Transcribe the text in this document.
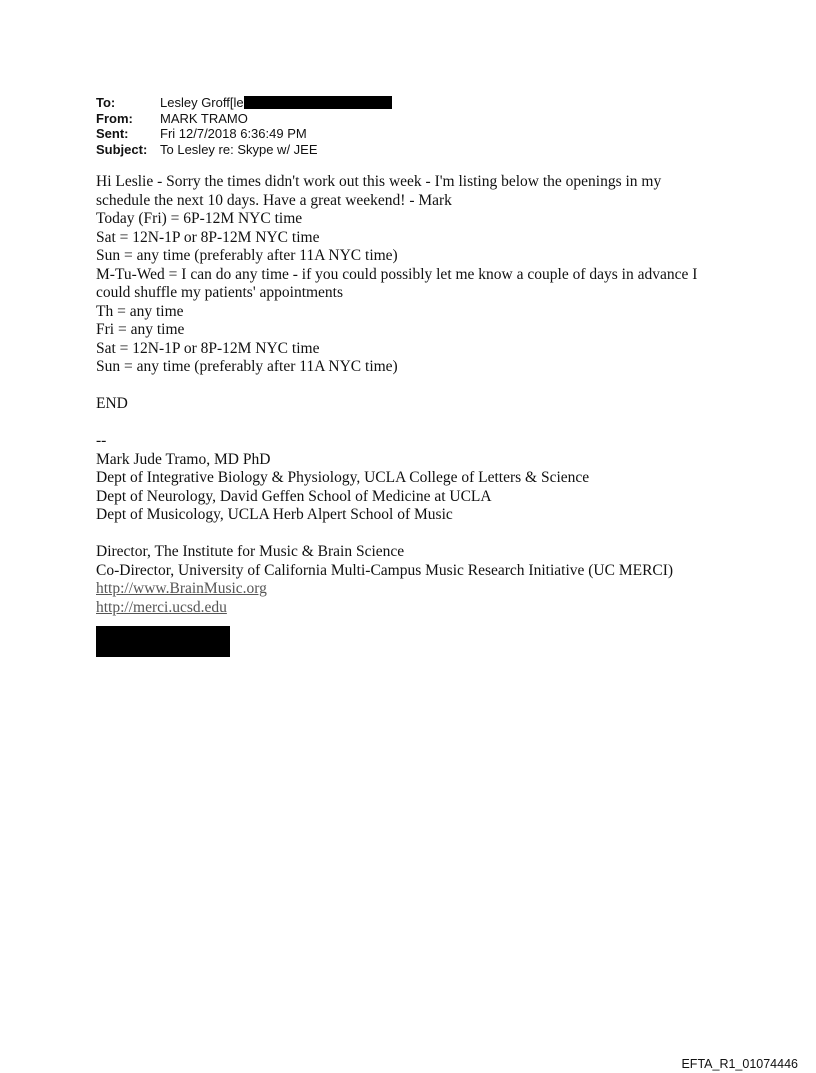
To:	Lesley Groff[le
From:	MARK TRAMO
Sent:	Fri 12/7/2018 6:36:49 PM
Subject: To Lesley re: Skype w/ JEE

Hi Leslie - Sorry the times didn't work out this week - I'm listing below the openings in my

schedule the next 10 days. Have a great weekend! - Mark

Today (Fri) = 6P-12M NYC time

Sat = 12N-1P or 8P-12M NYC time

Sun = any time (preferably after 11A NYC time)

M-Tu-Wed = I can do any time - if you could possibly let me know a couple of days in advance I

could shuffle my patients' appointments

Th = any time

Fri = any time

Sat = 12N-1P or 8P-12M NYC time

Sun = any time (preferably after 11A NYC time)

END

--

Mark Jude Tramo, MD PhD

Dept of Integrative Biology & Physiology, UCLA College of Letters & Science

Dept of Neurology, David Geffen School of Medicine at UCLA

Dept of Musicology, UCLA Herb Alpert School of Music

Director, The Institute for Music & Brain Science

Co-Director, University of California Multi-Campus Music Research Initiative (UC MERCI)

http://www.BrainMusic.org

http://merci.ucsd.edu

EFTA_R1_01074446
